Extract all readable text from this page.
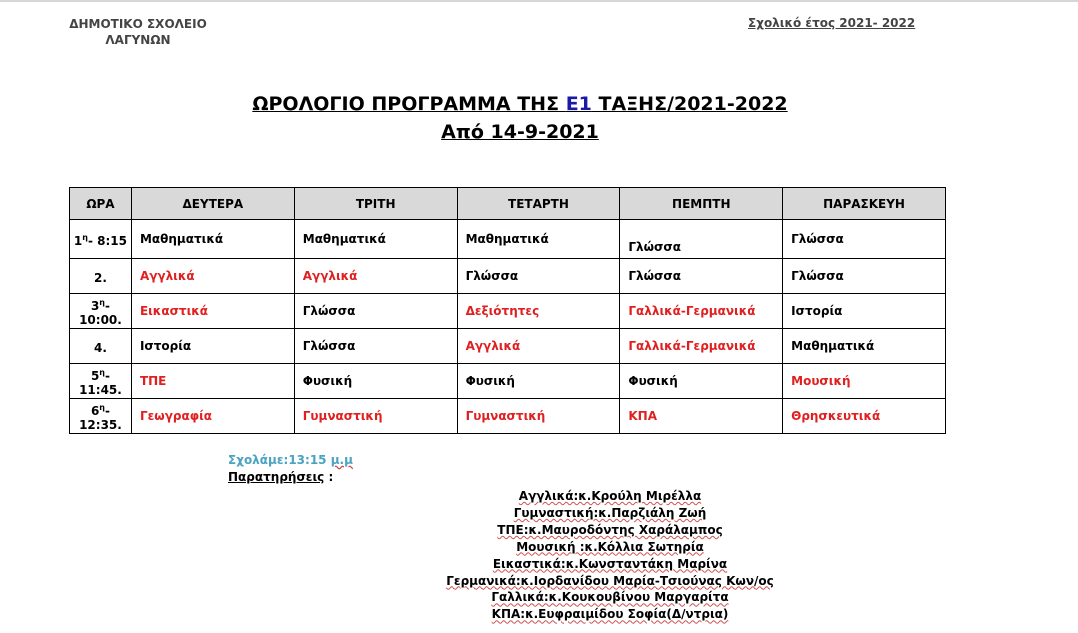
ΔΗΜΟΤΙΚΟ ΣΧΟΛΕΙΟ
ΛΑΓΥΝΩΝ
Σχολικό έτος 2021- 2022
ΩΡΟΛΟΓΙΟ ΠΡΟΓΡΑΜΜΑ ΤΗΣ Ε1 ΤΑΞΗΣ/2021-2022
Από 14-9-2021
ΩΡΑ	ΔΕΥΤΕΡΑ	ΤΡΙΤΗ	ΤΕΤΑΡΤΗ	ΠΕΜΠΤΗ	ΠΑΡΑΣΚΕΥΗ
$1^\eta-$ 8:15	Μαθηματικά	Μαθηματικά	Μαθηματικά	Γλώσσα	Γλώσσα
2.	Αγγλικά	Αγγλικά	Γλώσσα	Γλώσσα	Γλώσσα
$3^\eta-$ 10:00.	Εικαστικά	Γλώσσα	Δεξιότητες	Γαλλικά-Γερμανικά	Ιστορία
4.	Ιστορία	Γλώσσα	Αγγλικά	Γαλλικά-Γερμανικά	Μαθηματικά
$5^\eta-$ 11:45.	ΤΠΕ	Φυσική	Φυσική	Φυσική	Μουσική
$6^\eta-$ 12:35.	Γεωγραφία	Γυμναστική	Γυμναστική	ΚΠΑ	Θρησκευτικά
Σχολάμε:13:15 μ.μ
Παρατηρήσεις :
Αγγλικά:κ.Κρούλη Μιρέλλα
Γυμναστική:κ.Παρζιάλη Ζωή
ΤΠΕ:κ.Μαυροδόντης Χαράλαμπος
Μουσική :κ.Κόλλια Σωτηρία
Εικαστικά:κ.Κωνσταντάκη Μαρίνα
Γερμανικά:κ.Ιορδανίδου Μαρία-Τσιούνας Κων/ος
Γαλλικά:κ.Κουκουβίνου Μαργαρίτα
ΚΠΑ:κ.Ευφραιμίδου Σοφία(Δ/ντρια)
